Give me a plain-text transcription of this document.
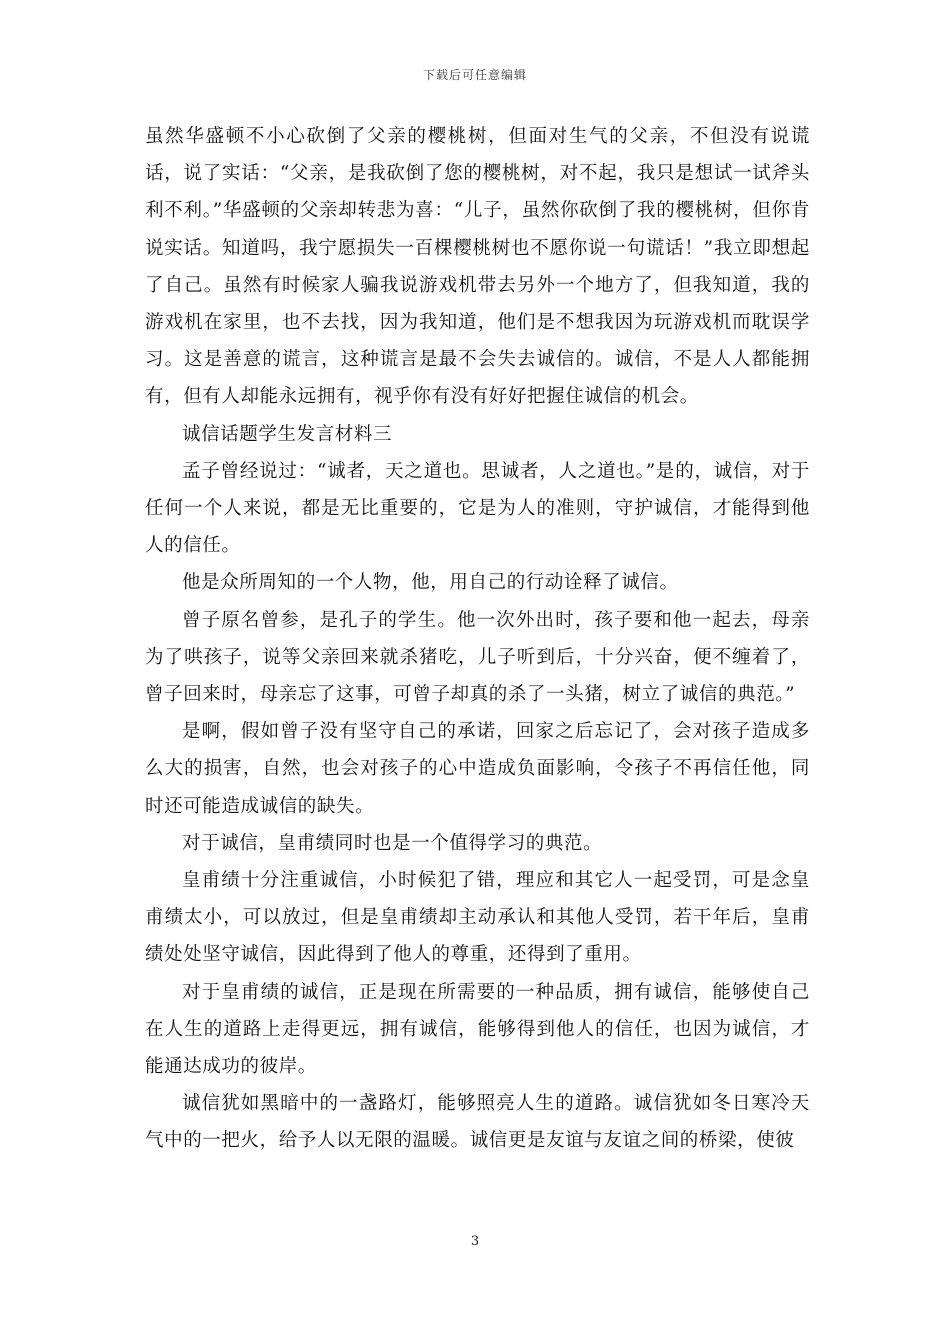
下载后可任意编辑

虽然华盛顿不小心砍倒了父亲的樱桃树，但面对生气的父亲，不但没有说谎话，说了实话：“父亲，是我砍倒了您的樱桃树，对不起，我只是想试一试斧头利不利。”华盛顿的父亲却转悲为喜：“儿子，虽然你砍倒了我的樱桃树，但你肯说实话。知道吗，我宁愿损失一百棵樱桃树也不愿你说一句谎话！”我立即想起了自己。虽然有时候家人骗我说游戏机带去另外一个地方了，但我知道，我的游戏机在家里，也不去找，因为我知道，他们是不想我因为玩游戏机而耽误学习。这是善意的谎言，这种谎言是最不会失去诚信的。诚信，不是人人都能拥有，但有人却能永远拥有，视乎你有没有好好把握住诚信的机会。

诚信话题学生发言材料三

孟子曾经说过：“诚者，天之道也。思诚者，人之道也。”是的，诚信，对于任何一个人来说，都是无比重要的，它是为人的准则，守护诚信，才能得到他人的信任。

他是众所周知的一个人物，他，用自己的行动诠释了诚信。

曾子原名曾参，是孔子的学生。他一次外出时，孩子要和他一起去，母亲为了哄孩子，说等父亲回来就杀猪吃，儿子听到后，十分兴奋，便不缠着了，曾子回来时，母亲忘了这事，可曾子却真的杀了一头猪，树立了诚信的典范。”

是啊，假如曾子没有坚守自己的承诺，回家之后忘记了，会对孩子造成多么大的损害，自然，也会对孩子的心中造成负面影响，令孩子不再信任他，同时还可能造成诚信的缺失。

对于诚信，皇甫绩同时也是一个值得学习的典范。

皇甫绩十分注重诚信，小时候犯了错，理应和其它人一起受罚，可是念皇甫绩太小，可以放过，但是皇甫绩却主动承认和其他人受罚，若干年后，皇甫绩处处坚守诚信，因此得到了他人的尊重，还得到了重用。

对于皇甫绩的诚信，正是现在所需要的一种品质，拥有诚信，能够使自己在人生的道路上走得更远，拥有诚信，能够得到他人的信任，也因为诚信，才能通达成功的彼岸。

诚信犹如黑暗中的一盏路灯，能够照亮人生的道路。诚信犹如冬日寒冷天气中的一把火，给予人以无限的温暖。诚信更是友谊与友谊之间的桥梁，使彼

3
